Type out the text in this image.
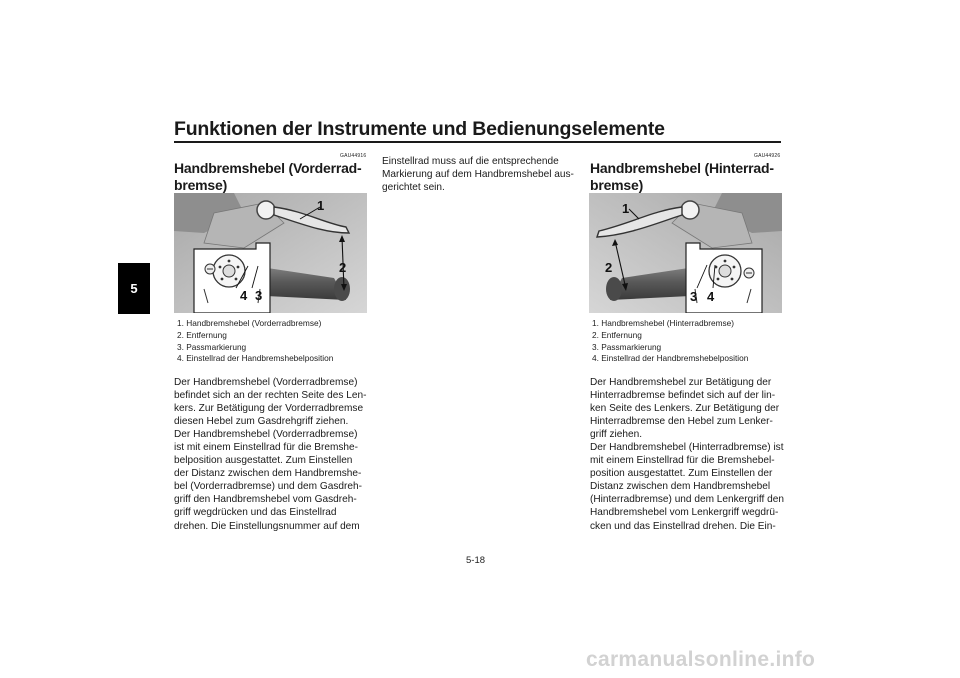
Funktionen der Instrumente und Bedienungselemente
5
GAU44916
Handbremshebel (Vorderrad-
bremse)
1
2
4 3
1. Handbremshebel (Vorderradbremse)
2. Entfernung
3. Passmarkierung
4. Einstellrad der Handbremshebelposition
Der Handbremshebel (Vorderradbremse)
befindet sich an der rechten Seite des Len-
kers. Zur Betätigung der Vorderradbremse
diesen Hebel zum Gasdrehgriff ziehen.
Der Handbremshebel (Vorderradbremse)
ist mit einem Einstellrad für die Bremshe-
belposition ausgestattet. Zum Einstellen
der Distanz zwischen dem Handbremshe-
bel (Vorderradbremse) und dem Gasdreh-
griff den Handbremshebel vom Gasdreh-
griff wegdrücken und das Einstellrad
drehen. Die Einstellungsnummer auf dem
Einstellrad muss auf die entsprechende
Markierung auf dem Handbremshebel aus-
gerichtet sein.
GAU44926
Handbremshebel (Hinterrad-
bremse)
1
2
3 4
1. Handbremshebel (Hinterradbremse)
2. Entfernung
3. Passmarkierung
4. Einstellrad der Handbremshebelposition
Der Handbremshebel zur Betätigung der
Hinterradbremse befindet sich auf der lin-
ken Seite des Lenkers. Zur Betätigung der
Hinterradbremse den Hebel zum Lenker-
griff ziehen.
Der Handbremshebel (Hinterradbremse) ist
mit einem Einstellrad für die Bremshebel-
position ausgestattet. Zum Einstellen der
Distanz zwischen dem Handbremshebel
(Hinterradbremse) und dem Lenkergriff den
Handbremshebel vom Lenkergriff wegdrü-
cken und das Einstellrad drehen. Die Ein-
5-18
carmanualsonline.info
